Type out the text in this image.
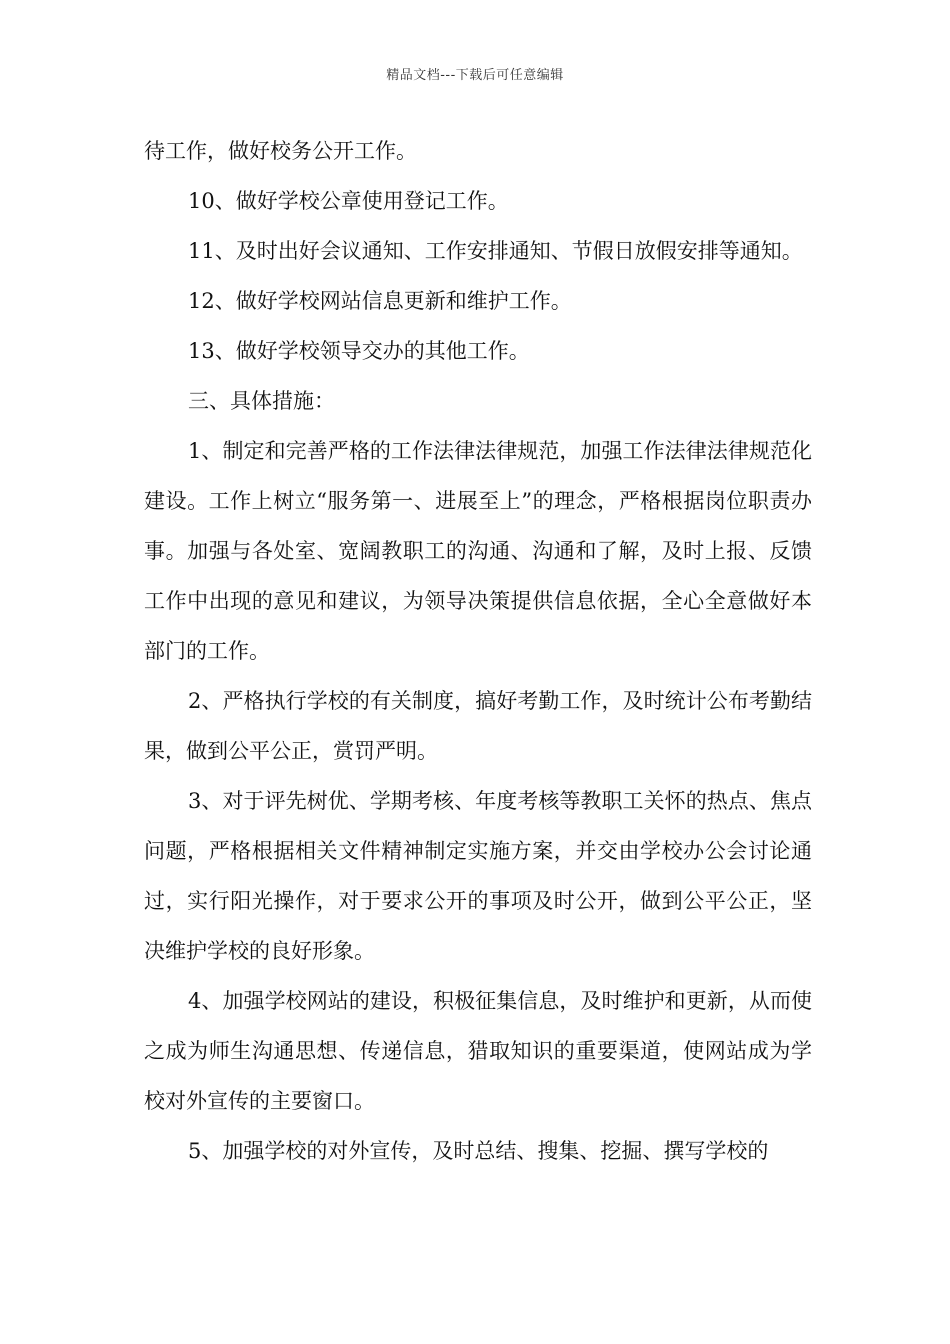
精品文档---下载后可任意编辑

待工作，做好校务公开工作。

10、做好学校公章使用登记工作。

11、及时出好会议通知、工作安排通知、节假日放假安排等通知。

12、做好学校网站信息更新和维护工作。

13、做好学校领导交办的其他工作。

三、具体措施：

1、制定和完善严格的工作法律法律规范，加强工作法律法律规范化建设。工作上树立“服务第一、进展至上”的理念，严格根据岗位职责办事。加强与各处室、宽阔教职工的沟通、沟通和了解，及时上报、反馈工作中出现的意见和建议，为领导决策提供信息依据，全心全意做好本部门的工作。

2、严格执行学校的有关制度，搞好考勤工作，及时统计公布考勤结果，做到公平公正，赏罚严明。

3、对于评先树优、学期考核、年度考核等教职工关怀的热点、焦点问题，严格根据相关文件精神制定实施方案，并交由学校办公会讨论通过，实行阳光操作，对于要求公开的事项及时公开，做到公平公正，坚决维护学校的良好形象。

4、加强学校网站的建设，积极征集信息，及时维护和更新，从而使之成为师生沟通思想、传递信息，猎取知识的重要渠道，使网站成为学校对外宣传的主要窗口。

5、加强学校的对外宣传，及时总结、搜集、挖掘、撰写学校的
